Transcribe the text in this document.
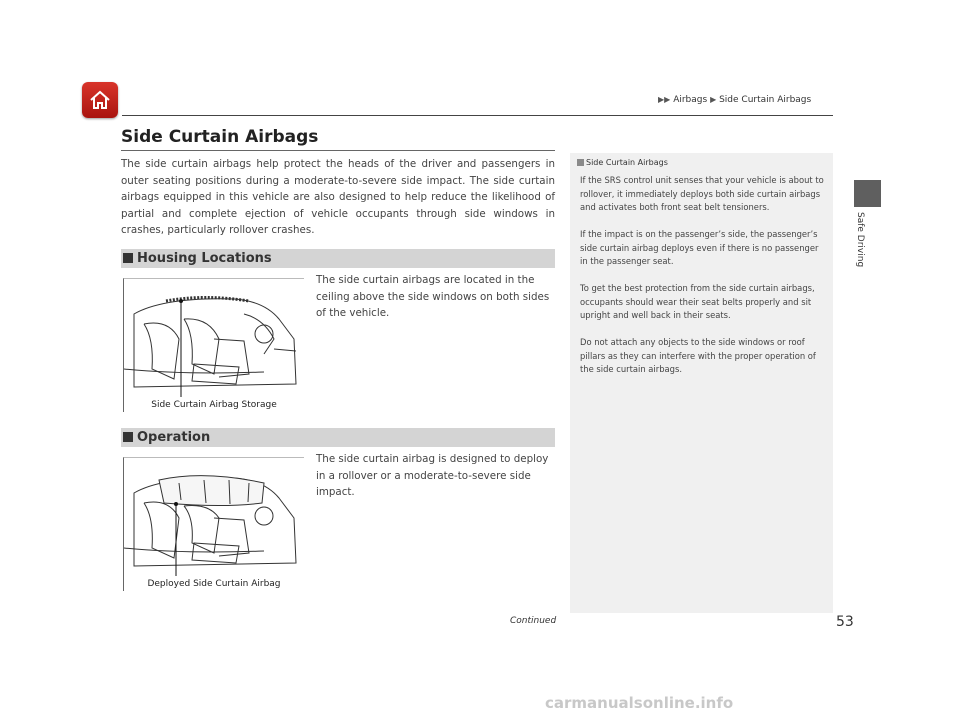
▶▶ Airbags ▶ Side Curtain Airbags
Side Curtain Airbags

The side curtain airbags help protect the heads of the driver and passengers in outer seating positions during a moderate-to-severe side impact. The side curtain airbags equipped in this vehicle are also designed to help reduce the likelihood of partial and complete ejection of vehicle occupants through side windows in crashes, particularly rollover crashes.

Housing Locations
Side Curtain Airbag Storage

The side curtain airbags are located in the ceiling above the side windows on both sides of the vehicle.

Operation
Deployed Side Curtain Airbag

The side curtain airbag is designed to deploy in a rollover or a moderate-to-severe side impact.

Side Curtain Airbags

If the SRS control unit senses that your vehicle is about to rollover, it immediately deploys both side curtain airbags and activates both front seat belt tensioners.

If the impact is on the passenger’s side, the passenger’s side curtain airbag deploys even if there is no passenger in the passenger seat.

To get the best protection from the side curtain airbags, occupants should wear their seat belts properly and sit upright and well back in their seats.

Do not attach any objects to the side windows or roof pillars as they can interfere with the proper operation of the side curtain airbags.

Safe Driving
Continued	53
carmanualsonline.info
